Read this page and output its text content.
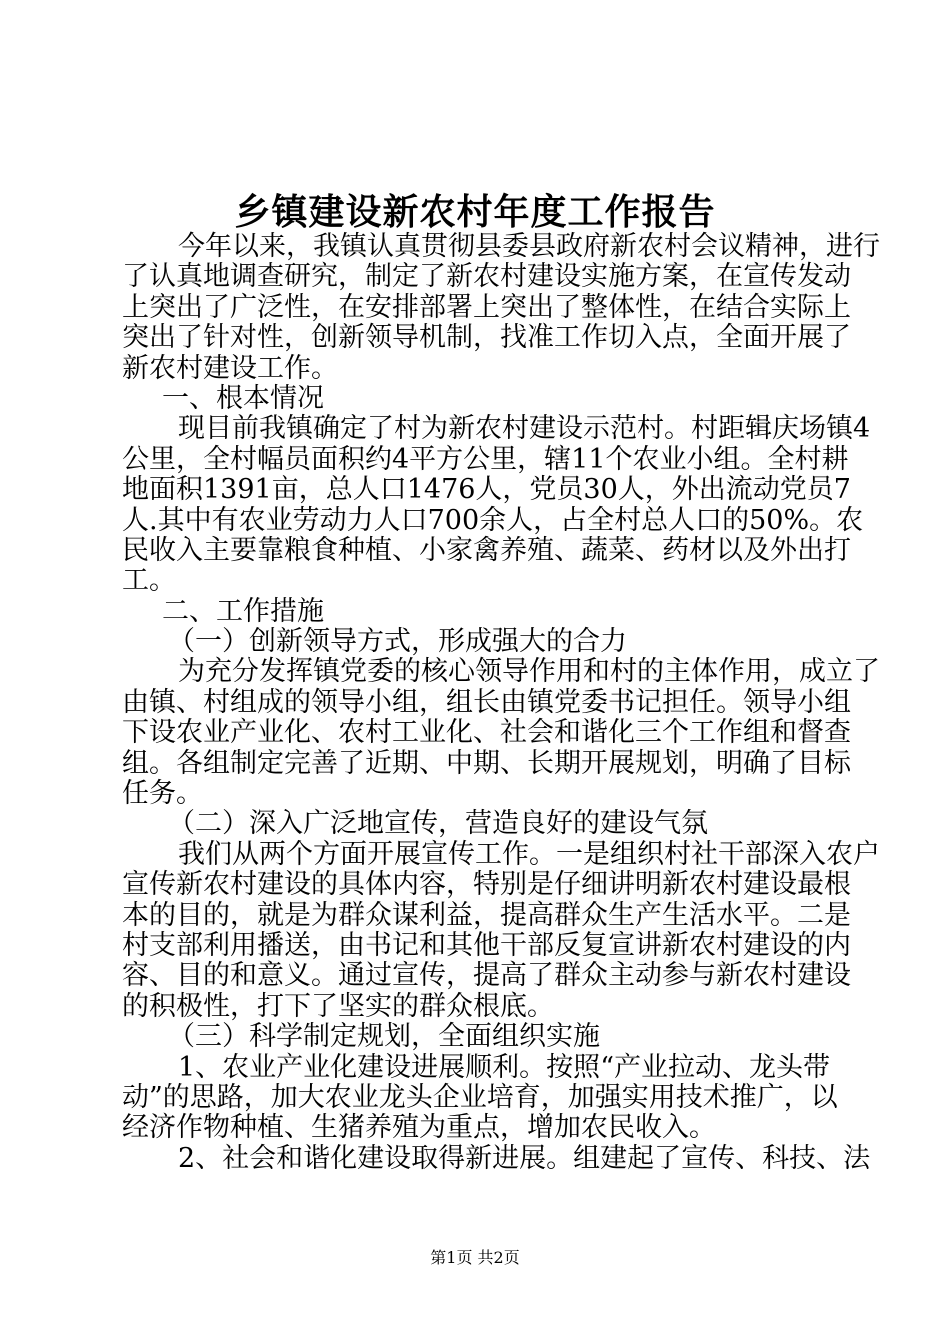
乡镇建设新农村年度工作报告
今年以来，我镇认真贯彻县委县政府新农村会议精神，进行
了认真地调查研究，制定了新农村建设实施方案，在宣传发动
上突出了广泛性，在安排部署上突出了整体性，在结合实际上
突出了针对性，创新领导机制，找准工作切入点，全面开展了
新农村建设工作。
一、根本情况
现目前我镇确定了村为新农村建设示范村。村距辑庆场镇4
公里，全村幅员面积约4平方公里，辖11个农业小组。全村耕
地面积1391亩，总人口1476人，党员30人，外出流动党员7
人.其中有农业劳动力人口700余人，占全村总人口的50%。农
民收入主要靠粮食种植、小家禽养殖、蔬菜、药材以及外出打
工。
二、工作措施
（一）创新领导方式，形成强大的合力
为充分发挥镇党委的核心领导作用和村的主体作用，成立了
由镇、村组成的领导小组，组长由镇党委书记担任。领导小组
下设农业产业化、农村工业化、社会和谐化三个工作组和督查
组。各组制定完善了近期、中期、长期开展规划，明确了目标
任务。
（二）深入广泛地宣传，营造良好的建设气氛
我们从两个方面开展宣传工作。一是组织村社干部深入农户
宣传新农村建设的具体内容，特别是仔细讲明新农村建设最根
本的目的，就是为群众谋利益，提高群众生产生活水平。二是
村支部利用播送，由书记和其他干部反复宣讲新农村建设的内
容、目的和意义。通过宣传，提高了群众主动参与新农村建设
的积极性，打下了坚实的群众根底。
（三）科学制定规划，全面组织实施
1、农业产业化建设进展顺利。按照“产业拉动、龙头带
动”的思路，加大农业龙头企业培育，加强实用技术推广，以
经济作物种植、生猪养殖为重点，增加农民收入。
2、社会和谐化建设取得新进展。组建起了宣传、科技、法
第1页 共2页
